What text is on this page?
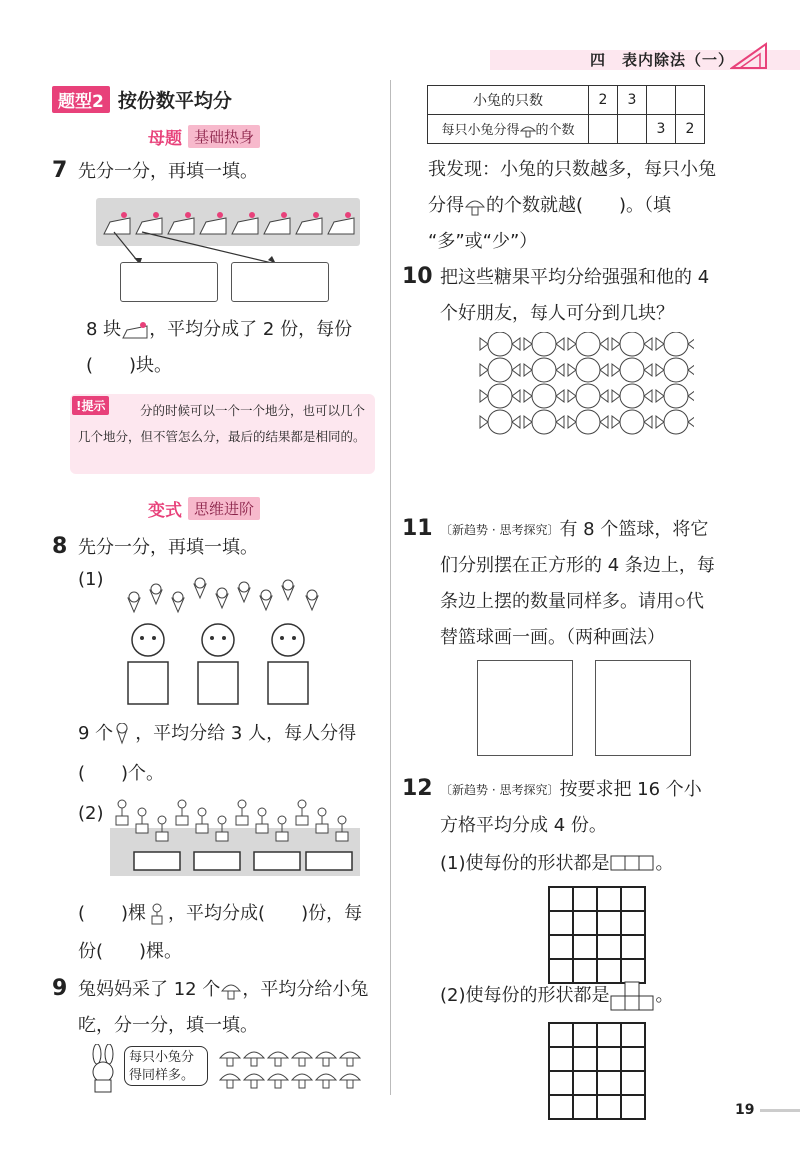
四　表内除法（一）
题型2 按份数平均分
母题 基础热身
7 先分一分，再填一填。
8 块 ，平均分成了 2 份，每份
(　　)块。
!提示	分的时候可以一个一个地分，也可以几个几个地分，但不管怎么分，最后的结果都是相同的。
变式 思维进阶
8 先分一分，再填一填。
(1)
9 个 ，平均分给 3 人，每人分得
(　　)个。
(2)
(　　)棵 ，平均分成(　　)份，每
份(　　)棵。
9 兔妈妈采了 12 个 ，平均分给小兔
吃，分一分，填一填。
每只小兔分得同样多。
小兔的只数	2	3		
每只小兔分得 的个数			3	2
我发现：小兔的只数越多，每只小兔
分得 的个数就越(　　)。（填
“多”或“少”）
10 把这些糖果平均分给强强和他的 4
个好朋友，每人可分到几块？
11 〔新趋势 · 思考探究〕 有 8 个篮球，将它
们分别摆在正方形的 4 条边上，每
条边上摆的数量同样多。请用 代
替篮球画一画。（两种画法）
12 〔新趋势 · 思考探究〕 按要求把 16 个小
方格平均分成 4 份。
(1)使每份的形状都是	。
(2)使每份的形状都是	。
19
